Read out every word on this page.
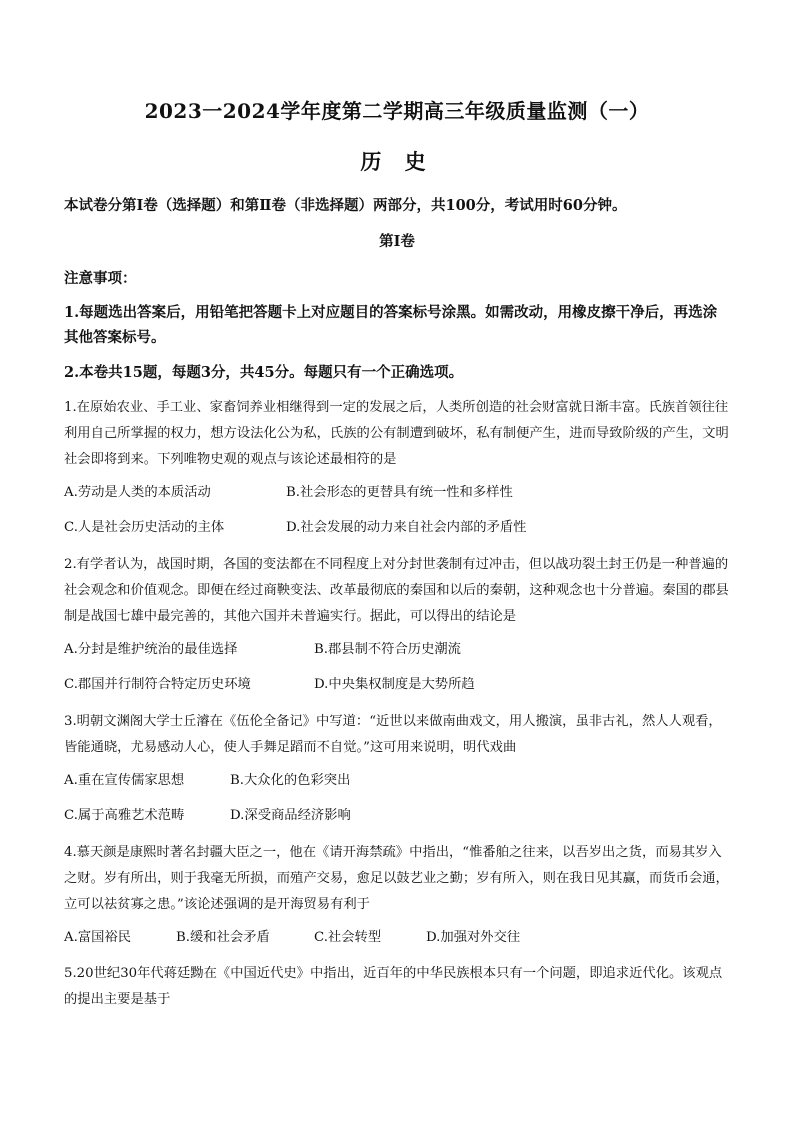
2023一2024学年度第二学期高三年级质量监测（一）
历 史
本试卷分第Ⅰ卷（选择题）和第Ⅱ卷（非选择题）两部分，共100分，考试用时60分钟。
第Ⅰ卷
注意事项：
1.每题选出答案后，用铅笔把答题卡上对应题目的答案标号涂黑。如需改动，用橡皮擦干净后，再选涂其他答案标号。
2.本卷共15题，每题3分，共45分。每题只有一个正确选项。
1.在原始农业、手工业、家畜饲养业相继得到一定的发展之后，人类所创造的社会财富就日渐丰富。氏族首领往往利用自己所掌握的权力，想方设法化公为私，氏族的公有制遭到破坏，私有制便产生，进而导致阶级的产生，文明社会即将到来。下列唯物史观的观点与该论述最相符的是
A.劳动是人类的本质活动	B.社会形态的更替具有统一性和多样性
C.人是社会历史活动的主体	D.社会发展的动力来自社会内部的矛盾性
2.有学者认为，战国时期，各国的变法都在不同程度上对分封世袭制有过冲击，但以战功裂土封王仍是一种普遍的社会观念和价值观念。即便在经过商鞅变法、改革最彻底的秦国和以后的秦朝，这种观念也十分普遍。秦国的郡县制是战国七雄中最完善的，其他六国并未普遍实行。据此，可以得出的结论是
A.分封是维护统治的最佳选择	B.郡县制不符合历史潮流
C.郡国并行制符合特定历史环境	D.中央集权制度是大势所趋
3.明朝文渊阁大学士丘濬在《伍伦全备记》中写道：“近世以来做南曲戏文，用人搬演，虽非古礼，然人人观看，皆能通晓，尤易感动人心，使人手舞足蹈而不自觉。”这可用来说明，明代戏曲
A.重在宣传儒家思想	B.大众化的色彩突出
C.属于高雅艺术范畴	D.深受商品经济影响
4.慕天颜是康熙时著名封疆大臣之一，他在《请开海禁疏》中指出，“惟番舶之往来，以吾岁出之货，而易其岁入之财。岁有所出，则于我毫无所损，而殖产交易，愈足以鼓艺业之勤；岁有所入，则在我日见其赢，而货币会通，立可以祛贫寡之患。”该论述强调的是开海贸易有利于
A.富国裕民	B.缓和社会矛盾	C.社会转型	D.加强对外交往
5.20世纪30年代蒋廷黝在《中国近代史》中指出，近百年的中华民族根本只有一个问题，即追求近代化。该观点的提出主要是基于
